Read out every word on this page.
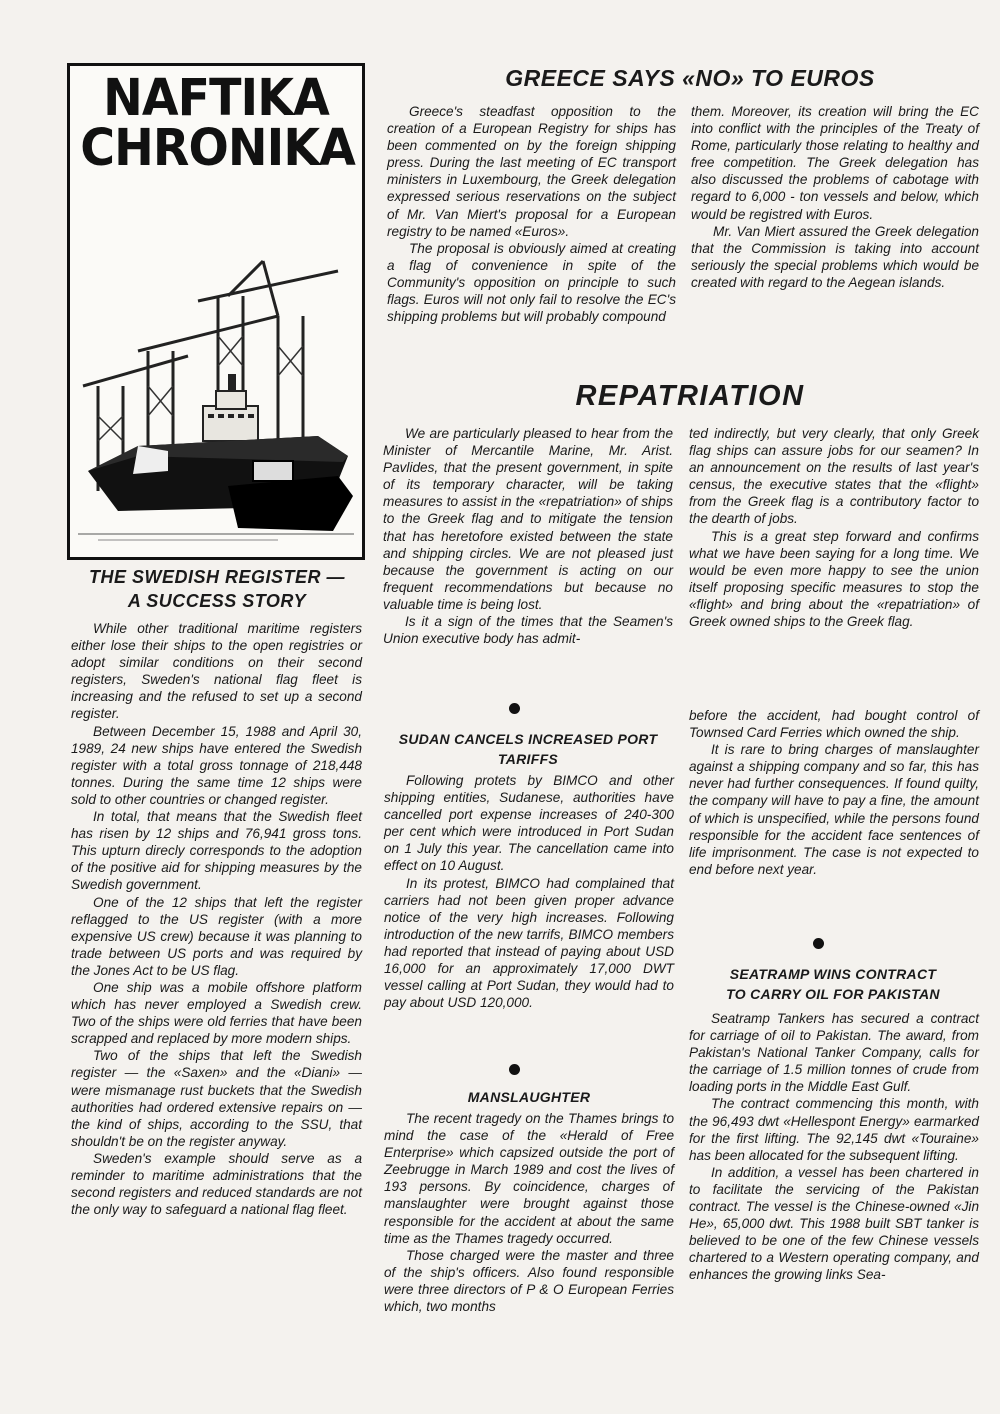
NAFTIKA
CHRONIKA
GREECE SAYS «NO» TO EUROS

Greece's steadfast opposition to the creation of a European Registry for ships has been commented on by the foreign shipping press. During the last meeting of EC transport ministers in Luxembourg, the Greek delegation expressed serious reservations on the subject of Mr. Van Miert's proposal for a European registry to be named «Euros».

The proposal is obviously aimed at creating a flag of convenience in spite of the Community's opposition on principle to such flags. Euros will not only fail to resolve the EC's shipping problems but will probably compound

them. Moreover, its creation will bring the EC into conflict with the principles of the Treaty of Rome, particularly those relating to healthy and free competition. The Greek delegation has also discussed the problems of cabotage with regard to 6,000 - ton vessels and below, which would be registred with Euros.

Mr. Van Miert assured the Greek delegation that the Commission is taking into account seriously the special problems which would be created with regard to the Aegean islands.

REPATRIATION

We are particularly pleased to hear from the Minister of Mercantile Marine, Mr. Arist. Pavlides, that the present government, in spite of its temporary character, will be taking measures to assist in the «repatriation» of ships to the Greek flag and to mitigate the tension that has heretofore existed between the state and shipping circles. We are not pleased just because the government is acting on our frequent recommendations but because no valuable time is being lost.

Is it a sign of the times that the Seamen's Union executive body has admit-

ted indirectly, but very clearly, that only Greek flag ships can assure jobs for our seamen? In an announcement on the results of last year's census, the executive states that the «flight» from the Greek flag is a contributory factor to the dearth of jobs.

This is a great step forward and confirms what we have been saying for a long time. We would be even more happy to see the union itself proposing specific measures to stop the «flight» and bring about the «repatriation» of Greek owned ships to the Greek flag.

THE SWEDISH REGISTER —
A SUCCESS STORY

While other traditional maritime registers either lose their ships to the open registries or adopt similar conditions on their second registers, Sweden's national flag fleet is increasing and the refused to set up a second register.

Between December 15, 1988 and April 30, 1989, 24 new ships have entered the Swedish register with a total gross tonnage of 218,448 tonnes. During the same time 12 ships were sold to other countries or changed register.

In total, that means that the Swedish fleet has risen by 12 ships and 76,941 gross tons. This upturn direcly corresponds to the adoption of the positive aid for shipping measures by the Swedish government.

One of the 12 ships that left the register reflagged to the US register (with a more expensive US crew) because it was planning to trade between US ports and was required by the Jones Act to be US flag.

One ship was a mobile offshore platform which has never employed a Swedish crew. Two of the ships were old ferries that have been scrapped and replaced by more modern ships.

Two of the ships that left the Swedish register — the «Saxen» and the «Diani» — were mismanage rust buckets that the Swedish authorities had ordered extensive repairs on — the kind of ships, according to the SSU, that shouldn't be on the register anyway.

Sweden's example should serve as a reminder to maritime administrations that the second registers and reduced standards are not the only way to safeguard a national flag fleet.

SUDAN CANCELS INCREASED PORT
TARIFFS

Following protets by BIMCO and other shipping entities, Sudanese, authorities have cancelled port expense increases of 240-300 per cent which were introduced in Port Sudan on 1 July this year. The cancellation came into effect on 10 August.

In its protest, BIMCO had complained that carriers had not been given proper advance notice of the very high increases. Following introduction of the new tarrifs, BIMCO members had reported that instead of paying about USD 16,000 for an approximately 17,000 DWT vessel calling at Port Sudan, they would had to pay about USD 120,000.

MANSLAUGHTER

The recent tragedy on the Thames brings to mind the case of the «Herald of Free Enterprise» which capsized outside the port of Zeebrugge in March 1989 and cost the lives of 193 persons. By coincidence, charges of manslaughter were brought against those responsible for the accident at about the same time as the Thames tragedy occurred.

Those charged were the master and three of the ship's officers. Also found responsible were three directors of P & O European Ferries which, two months

before the accident, had bought control of Townsed Card Ferries which owned the ship.

It is rare to bring charges of manslaughter against a shipping company and so far, this has never had further consequences. If found quilty, the company will have to pay a fine, the amount of which is unspecified, while the persons found responsible for the accident face sentences of life imprisonment. The case is not expected to end before next year.

SEATRAMP WINS CONTRACT
TO CARRY OIL FOR PAKISTAN

Seatramp Tankers has secured a contract for carriage of oil to Pakistan. The award, from Pakistan's National Tanker Company, calls for the carriage of 1.5 million tonnes of crude from loading ports in the Middle East Gulf.

The contract commencing this month, with the 96,493 dwt «Hellespont Energy» earmarked for the first lifting. The 92,145 dwt «Touraine» has been allocated for the subsequent lifting.

In addition, a vessel has been chartered in to facilitate the servicing of the Pakistan contract. The vessel is the Chinese-owned «Jin He», 65,000 dwt. This 1988 built SBT tanker is believed to be one of the few Chinese vessels chartered to a Western operating company, and enhances the growing links Sea-
